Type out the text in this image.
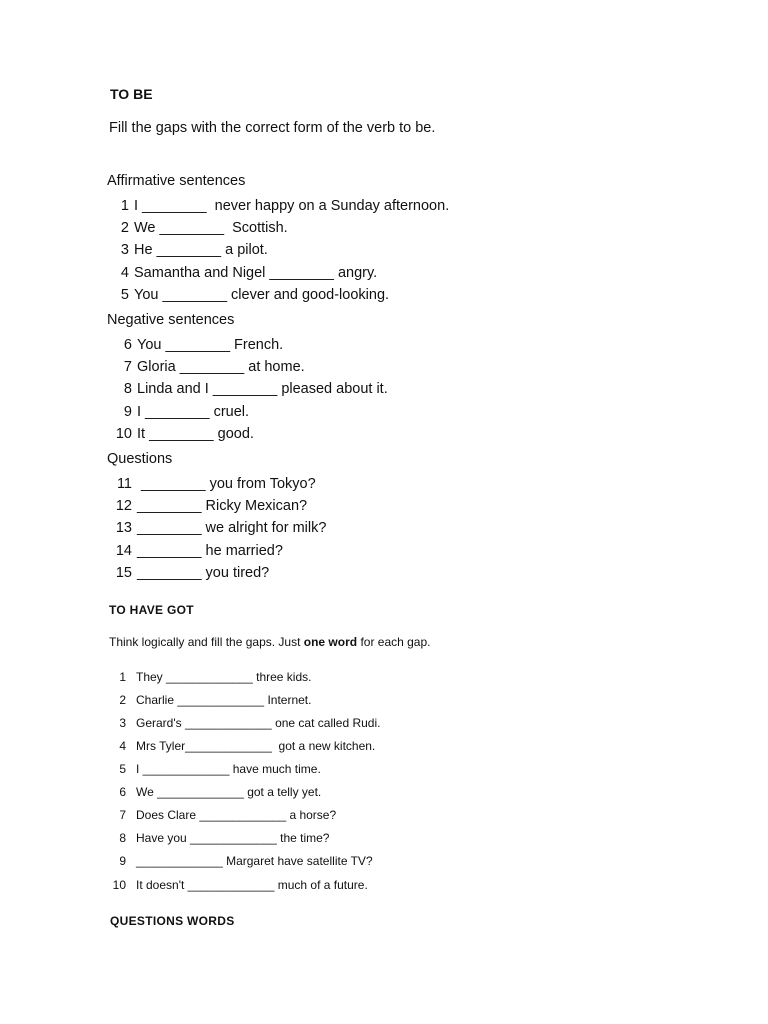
TO BE
Fill the gaps with the correct form of the verb to be.
Affirmative sentences
1 I ________  never happy on a Sunday afternoon.
2 We ________  Scottish.
3 He ________ a pilot.
4 Samantha and Nigel ________ angry.
5 You ________ clever and good-looking.
Negative sentences
6 You ________ French.
7 Gloria ________ at home.
8 Linda and I ________ pleased about it.
9 I ________ cruel.
10 It ________ good.
Questions
11 ________ you from Tokyo?
12 ________ Ricky Mexican?
13 ________ we alright for milk?
14 ________ he married?
15 ________ you tired?
TO HAVE GOT
Think logically and fill the gaps. Just one word for each gap.
1 They _____________ three kids.
2 Charlie _____________ Internet.
3 Gerard's _____________ one cat called Rudi.
4 Mrs Tyler_____________  got a new kitchen.
5 I _____________ have much time.
6 We _____________ got a telly yet.
7 Does Clare _____________ a horse?
8 Have you _____________ the time?
9 _____________ Margaret have satellite TV?
10 It doesn't _____________ much of a future.
QUESTIONS WORDS
